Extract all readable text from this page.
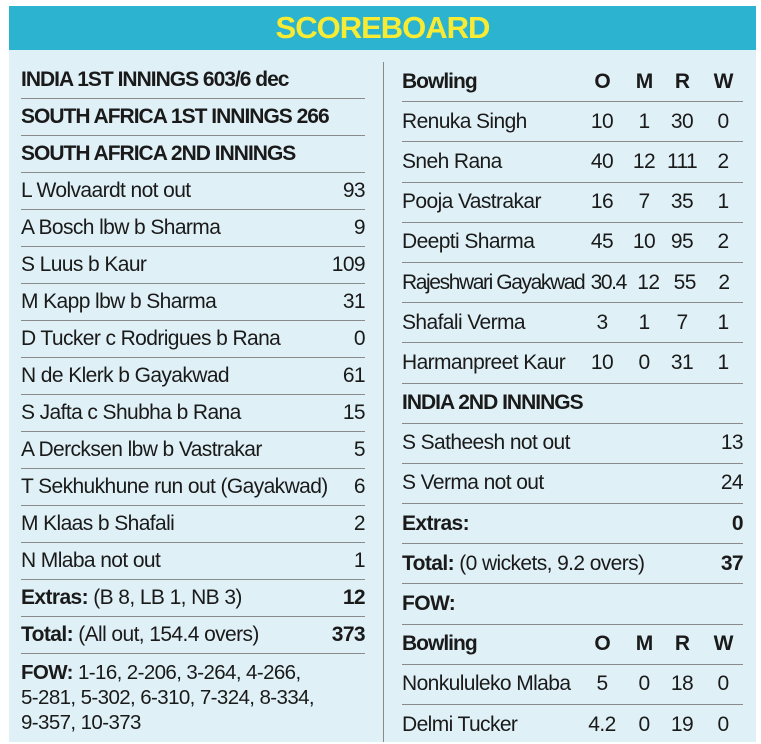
SCOREBOARD
INDIA 1ST INNINGS 603/6 dec
SOUTH AFRICA 1ST INNINGS 266
SOUTH AFRICA 2ND INNINGS
L Wolvaardt not out	93
A Bosch lbw b Sharma	9
S Luus b Kaur	109
M Kapp lbw b Sharma	31
D Tucker c Rodrigues b Rana	0
N de Klerk b Gayakwad	61
S Jafta c Shubha b Rana	15
A Dercksen lbw b Vastrakar	5
T Sekhukhune run out (Gayakwad)	6
M Klaas b Shafali	2
N Mlaba not out	1
Extras: (B 8, LB 1, NB 3)	12
Total: (All out, 154.4 overs)	373
FOW: 1-16, 2-206, 3-264, 4-266,
5-281, 5-302, 6-310, 7-324, 8-334,
9-357, 10-373
Bowling	O	M	R	W
Renuka Singh	10	1	30	0
Sneh Rana	40 12 111 2
Pooja Vastrakar	16	7	35	1
Deepti Sharma	45 10 95	2
Rajeshwari Gayakwad 30.4 12 55	2
Shafali Verma	3	1	7	1
Harmanpreet Kaur	10	0	31	1
INDIA 2ND INNINGS
S Satheesh not out	13
S Verma not out	24
Extras:	0
Total: (0 wickets, 9.2 overs)	37
FOW:
Bowling	O	M	R	W
Nonkululeko Mlaba	5	0	18	0
Delmi Tucker	4.2	0	19	0
